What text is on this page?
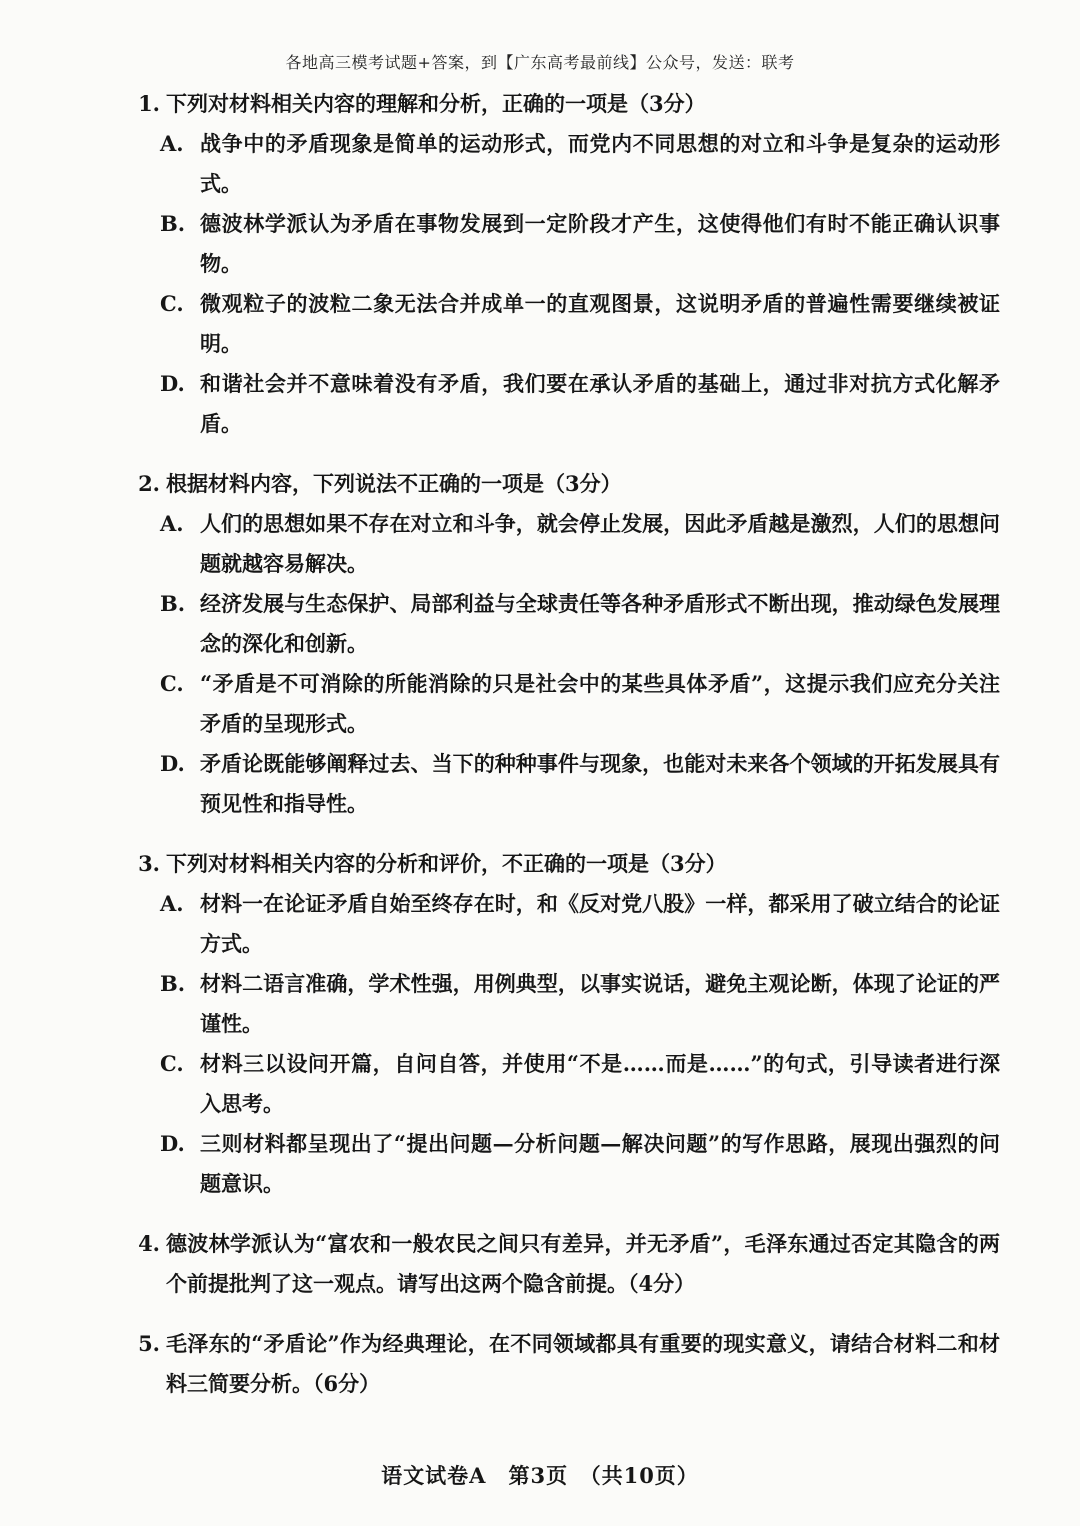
各地高三模考试题+答案，到【广东高考最前线】公众号，发送：联考
1. 下列对材料相关内容的理解和分析，正确的一项是（3分）
A. 战争中的矛盾现象是简单的运动形式，而党内不同思想的对立和斗争是复杂的运动形式。
B. 德波林学派认为矛盾在事物发展到一定阶段才产生，这使得他们有时不能正确认识事物。
C. 微观粒子的波粒二象无法合并成单一的直观图景，这说明矛盾的普遍性需要继续被证明。
D. 和谐社会并不意味着没有矛盾，我们要在承认矛盾的基础上，通过非对抗方式化解矛盾。
2. 根据材料内容，下列说法不正确的一项是（3分）
A. 人们的思想如果不存在对立和斗争，就会停止发展，因此矛盾越是激烈，人们的思想问题就越容易解决。
B. 经济发展与生态保护、局部利益与全球责任等各种矛盾形式不断出现，推动绿色发展理念的深化和创新。
C. “矛盾是不可消除的所能消除的只是社会中的某些具体矛盾”，这提示我们应充分关注矛盾的呈现形式。
D. 矛盾论既能够阐释过去、当下的种种事件与现象，也能对未来各个领域的开拓发展具有预见性和指导性。
3. 下列对材料相关内容的分析和评价，不正确的一项是（3分）
A. 材料一在论证矛盾自始至终存在时，和《反对党八股》一样，都采用了破立结合的论证方式。
B. 材料二语言准确，学术性强，用例典型，以事实说话，避免主观论断，体现了论证的严谨性。
C. 材料三以设问开篇，自问自答，并使用“不是……而是……”的句式，引导读者进行深入思考。
D. 三则材料都呈现出了“提出问题—分析问题—解决问题”的写作思路，展现出强烈的问题意识。
4. 德波林学派认为“富农和一般农民之间只有差异，并无矛盾”，毛泽东通过否定其隐含的两个前提批判了这一观点。请写出这两个隐含前提。（4分）
5. 毛泽东的“矛盾论”作为经典理论，在不同领域都具有重要的现实意义，请结合材料二和材料三简要分析。（6分）
语文试卷A　第3页　（共10页）
